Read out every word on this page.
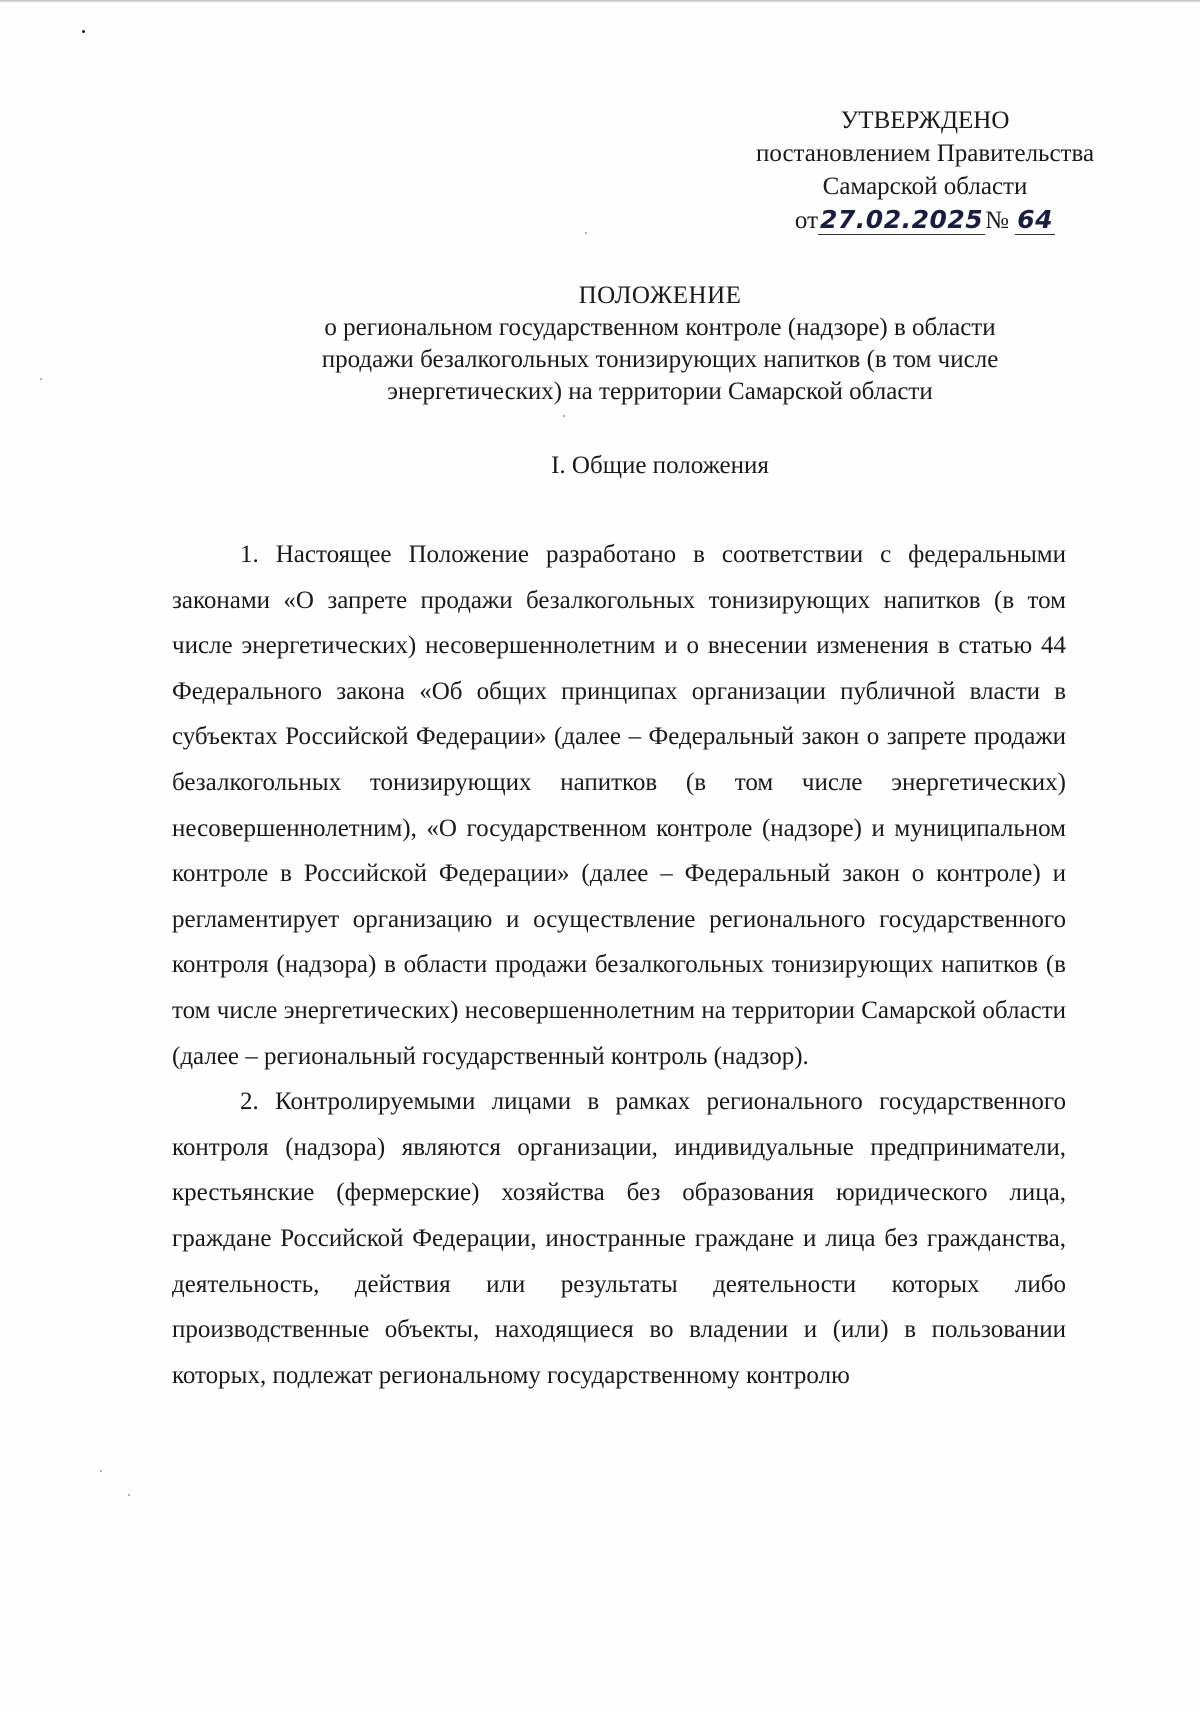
УТВЕРЖДЕНО
постановлением Правительства
Самарской области
от27.02.2025№ 64
ПОЛОЖЕНИЕ
о региональном государственном контроле (надзоре) в области
продажи безалкогольных тонизирующих напитков (в том числе
энергетических) на территории Самарской области
I. Общие положения

1. Настоящее Положение разработано в соответствии с федеральными законами «О запрете продажи безалкогольных тонизирующих напитков (в том числе энергетических) несовершеннолетним и о внесении изменения в статью 44 Федерального закона «Об общих принципах организации публичной власти в субъектах Российской Федерации» (далее – Федеральный закон о запрете продажи безалкогольных тонизирующих напитков (в том числе энергетических) несовершеннолетним), «О государственном контроле (надзоре) и муниципальном контроле в Российской Федерации» (далее – Федеральный закон о контроле) и регламентирует организацию и осуществление регионального государственного контроля (надзора) в области продажи безалкогольных тонизирующих напитков (в том числе энергетических) несовершеннолетним на территории Самарской области (далее – региональный государственный контроль (надзор).

2. Контролируемыми лицами в рамках регионального государственного контроля (надзора) являются организации, индивидуальные предприниматели, крестьянские (фермерские) хозяйства без образования юридического лица, граждане Российской Федерации, иностранные граждане и лица без гражданства, деятельность, действия или результаты деятельности которых либо производственные объекты, находящиеся во владении и (или) в пользовании которых, подлежат региональному государственному контролю
